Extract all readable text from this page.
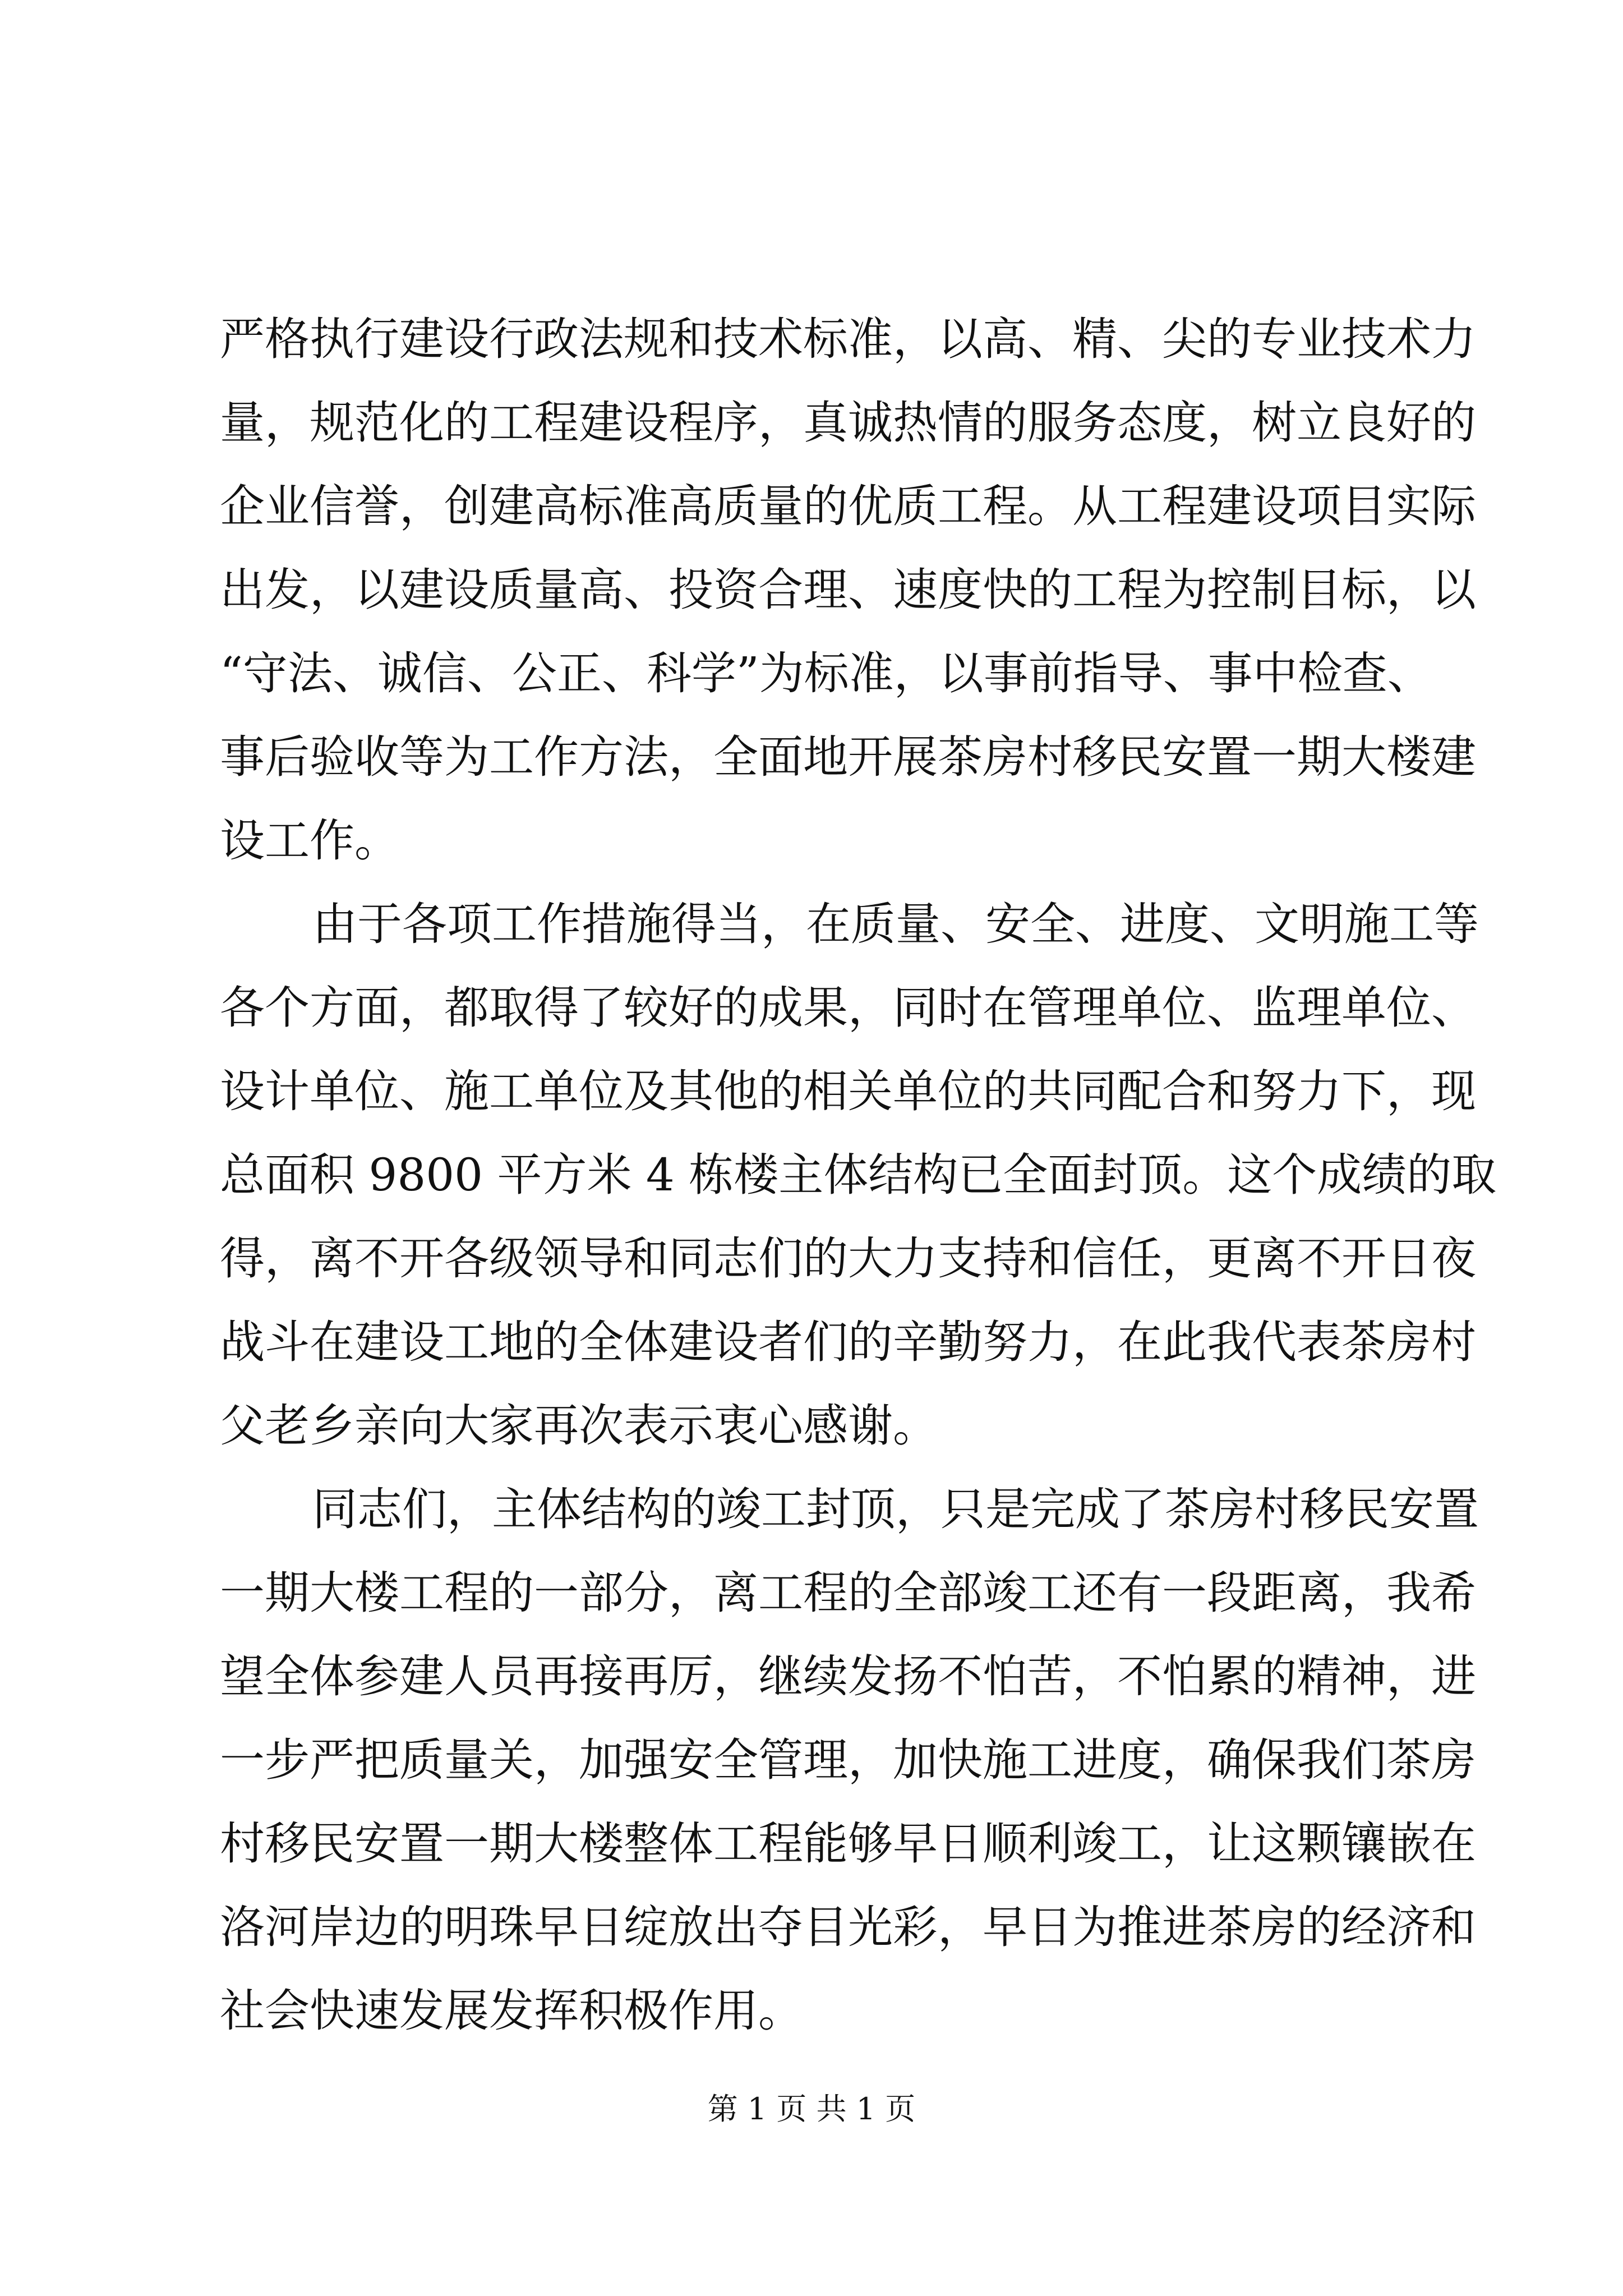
严格执行建设行政法规和技术标准，以高、精、尖的专业技术力
量，规范化的工程建设程序，真诚热情的服务态度，树立良好的
企业信誉，创建高标准高质量的优质工程。从工程建设项目实际
出发，以建设质量高、投资合理、速度快的工程为控制目标，以
“守法、诚信、公正、科学”为标准，以事前指导、事中检查、
事后验收等为工作方法，全面地开展茶房村移民安置一期大楼建
设工作。
由于各项工作措施得当，在质量、安全、进度、文明施工等
各个方面，都取得了较好的成果，同时在管理单位、监理单位、
设计单位、施工单位及其他的相关单位的共同配合和努力下，现
总面积 9800 平方米 4 栋楼主体结构已全面封顶。这个成绩的取
得，离不开各级领导和同志们的大力支持和信任，更离不开日夜
战斗在建设工地的全体建设者们的辛勤努力，在此我代表茶房村
父老乡亲向大家再次表示衷心感谢。
同志们，主体结构的竣工封顶，只是完成了茶房村移民安置
一期大楼工程的一部分，离工程的全部竣工还有一段距离，我希
望全体参建人员再接再厉，继续发扬不怕苦，不怕累的精神，进
一步严把质量关，加强安全管理，加快施工进度，确保我们茶房
村移民安置一期大楼整体工程能够早日顺利竣工，让这颗镶嵌在
洛河岸边的明珠早日绽放出夺目光彩，早日为推进茶房的经济和
社会快速发展发挥积极作用。
第 1 页 共 1 页
